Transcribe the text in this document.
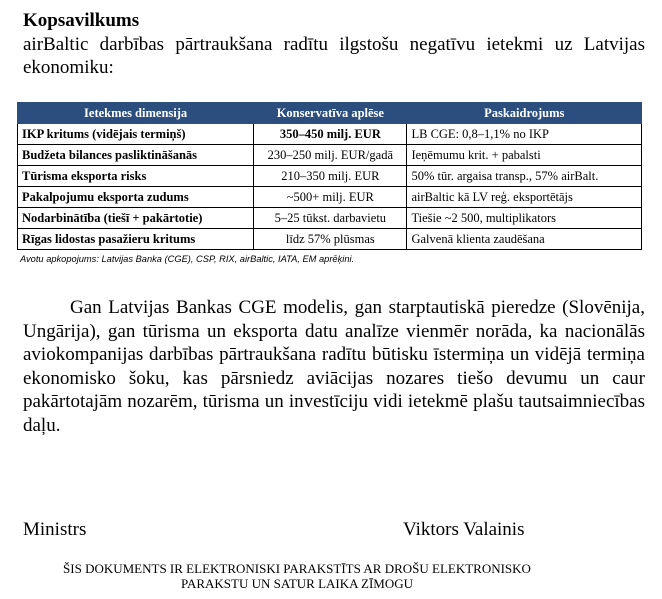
Kopsavilkums
airBaltic darbības pārtraukšana radītu ilgstošu negatīvu ietekmi uz Latvijas ekonomiku:
Ietekmes dimensija	Konservatīva aplēse	Paskaidrojums
IKP kritums (vidējais termiņš)	350–450 milj. EUR	LB CGE: 0,8–1,1% no IKP
Budžeta bilances pasliktināšanās	230–250 milj. EUR/gadā	Ieņēmumu krit. + pabalsti
Tūrisma eksporta risks	210–350 milj. EUR	50% tūr. argaisa transp., 57% airBalt.
Pakalpojumu eksporta zudums	~500+ milj. EUR	airBaltic kā LV reģ. eksportētājs
Nodarbinātība (tiešī + pakārtotie)	5–25 tūkst. darbavietu	Tiešie ~2 500, multiplikators
Rīgas lidostas pasažieru kritums	līdz 57% plūsmas	Galvenā klienta zaudēšana
Avotu apkopojums: Latvijas Banka (CGE), CSP, RIX, airBaltic, IATA, EM aprēķini.
Gan Latvijas Bankas CGE modelis, gan starptautiskā pieredze (Slovēnija, Ungārija), gan tūrisma un eksporta datu analīze vienmēr norāda, ka nacionālās aviokompanijas darbības pārtraukšana radītu būtisku īstermiņa un vidējā termiņa ekonomisko šoku, kas pārsniedz aviācijas nozares tiešo devumu un caur pakārtotajām nozarēm, tūrisma un investīciju vidi ietekmē plašu tautsaimniecības daļu.
Ministrs	Viktors Valainis
ŠIS DOKUMENTS IR ELEKTRONISKI PARAKSTĪTS AR DROŠU ELEKTRONISKO
PARAKSTU UN SATUR LAIKA ZĪMOGU
